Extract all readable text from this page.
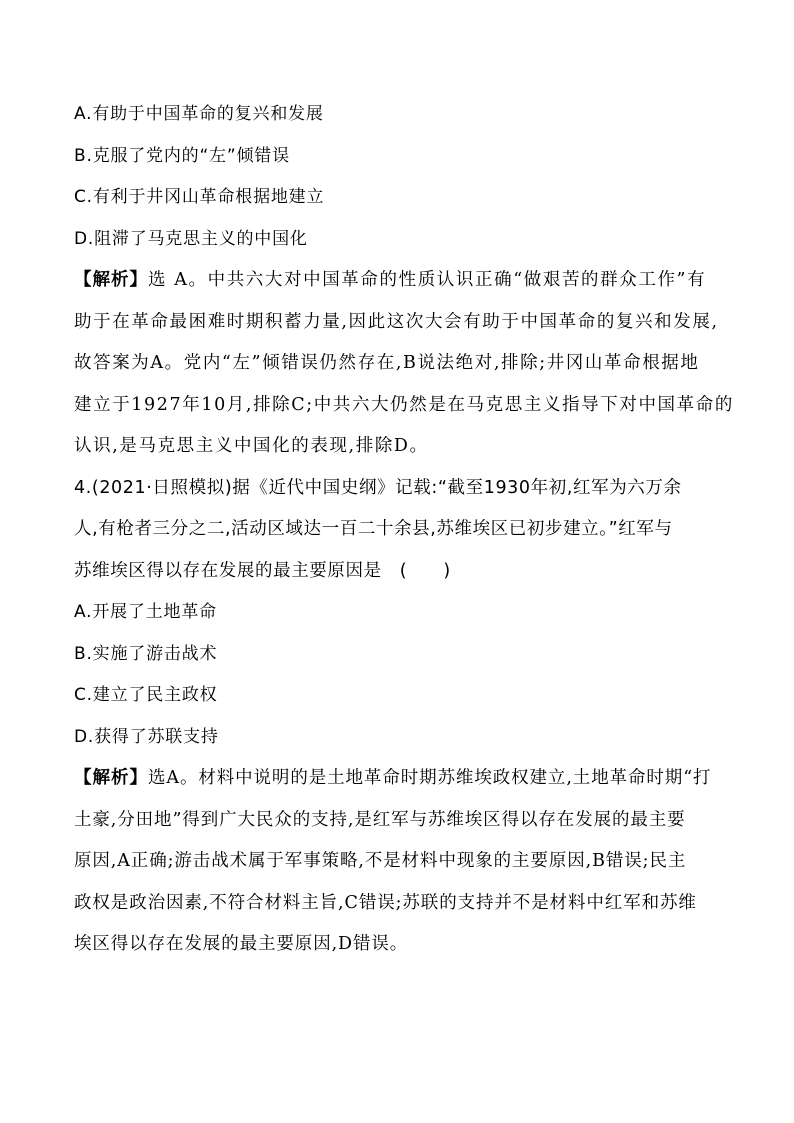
A.有助于中国革命的复兴和发展
B.克服了党内的“左”倾错误
C.有利于井冈山革命根据地建立
D.阻滞了马克思主义的中国化
【解析】选 A。中共六大对中国革命的性质认识正确“做艰苦的群众工作”有
助于在革命最困难时期积蓄力量,因此这次大会有助于中国革命的复兴和发展,
故答案为A。党内“左”倾错误仍然存在,B说法绝对,排除;井冈山革命根据地
建立于1927年10月,排除C;中共六大仍然是在马克思主义指导下对中国革命的
认识,是马克思主义中国化的表现,排除D。
4.(2021·日照模拟)据《近代中国史纲》记载:“截至1930年初,红军为六万余
人,有枪者三分之二,活动区域达一百二十余县,苏维埃区已初步建立。”红军与
苏维埃区得以存在发展的最主要原因是　(　　)
A.开展了土地革命
B.实施了游击战术
C.建立了民主政权
D.获得了苏联支持
【解析】选A。材料中说明的是土地革命时期苏维埃政权建立,土地革命时期“打
土豪,分田地”得到广大民众的支持,是红军与苏维埃区得以存在发展的最主要
原因,A正确;游击战术属于军事策略,不是材料中现象的主要原因,B错误;民主
政权是政治因素,不符合材料主旨,C错误;苏联的支持并不是材料中红军和苏维
埃区得以存在发展的最主要原因,D错误。
